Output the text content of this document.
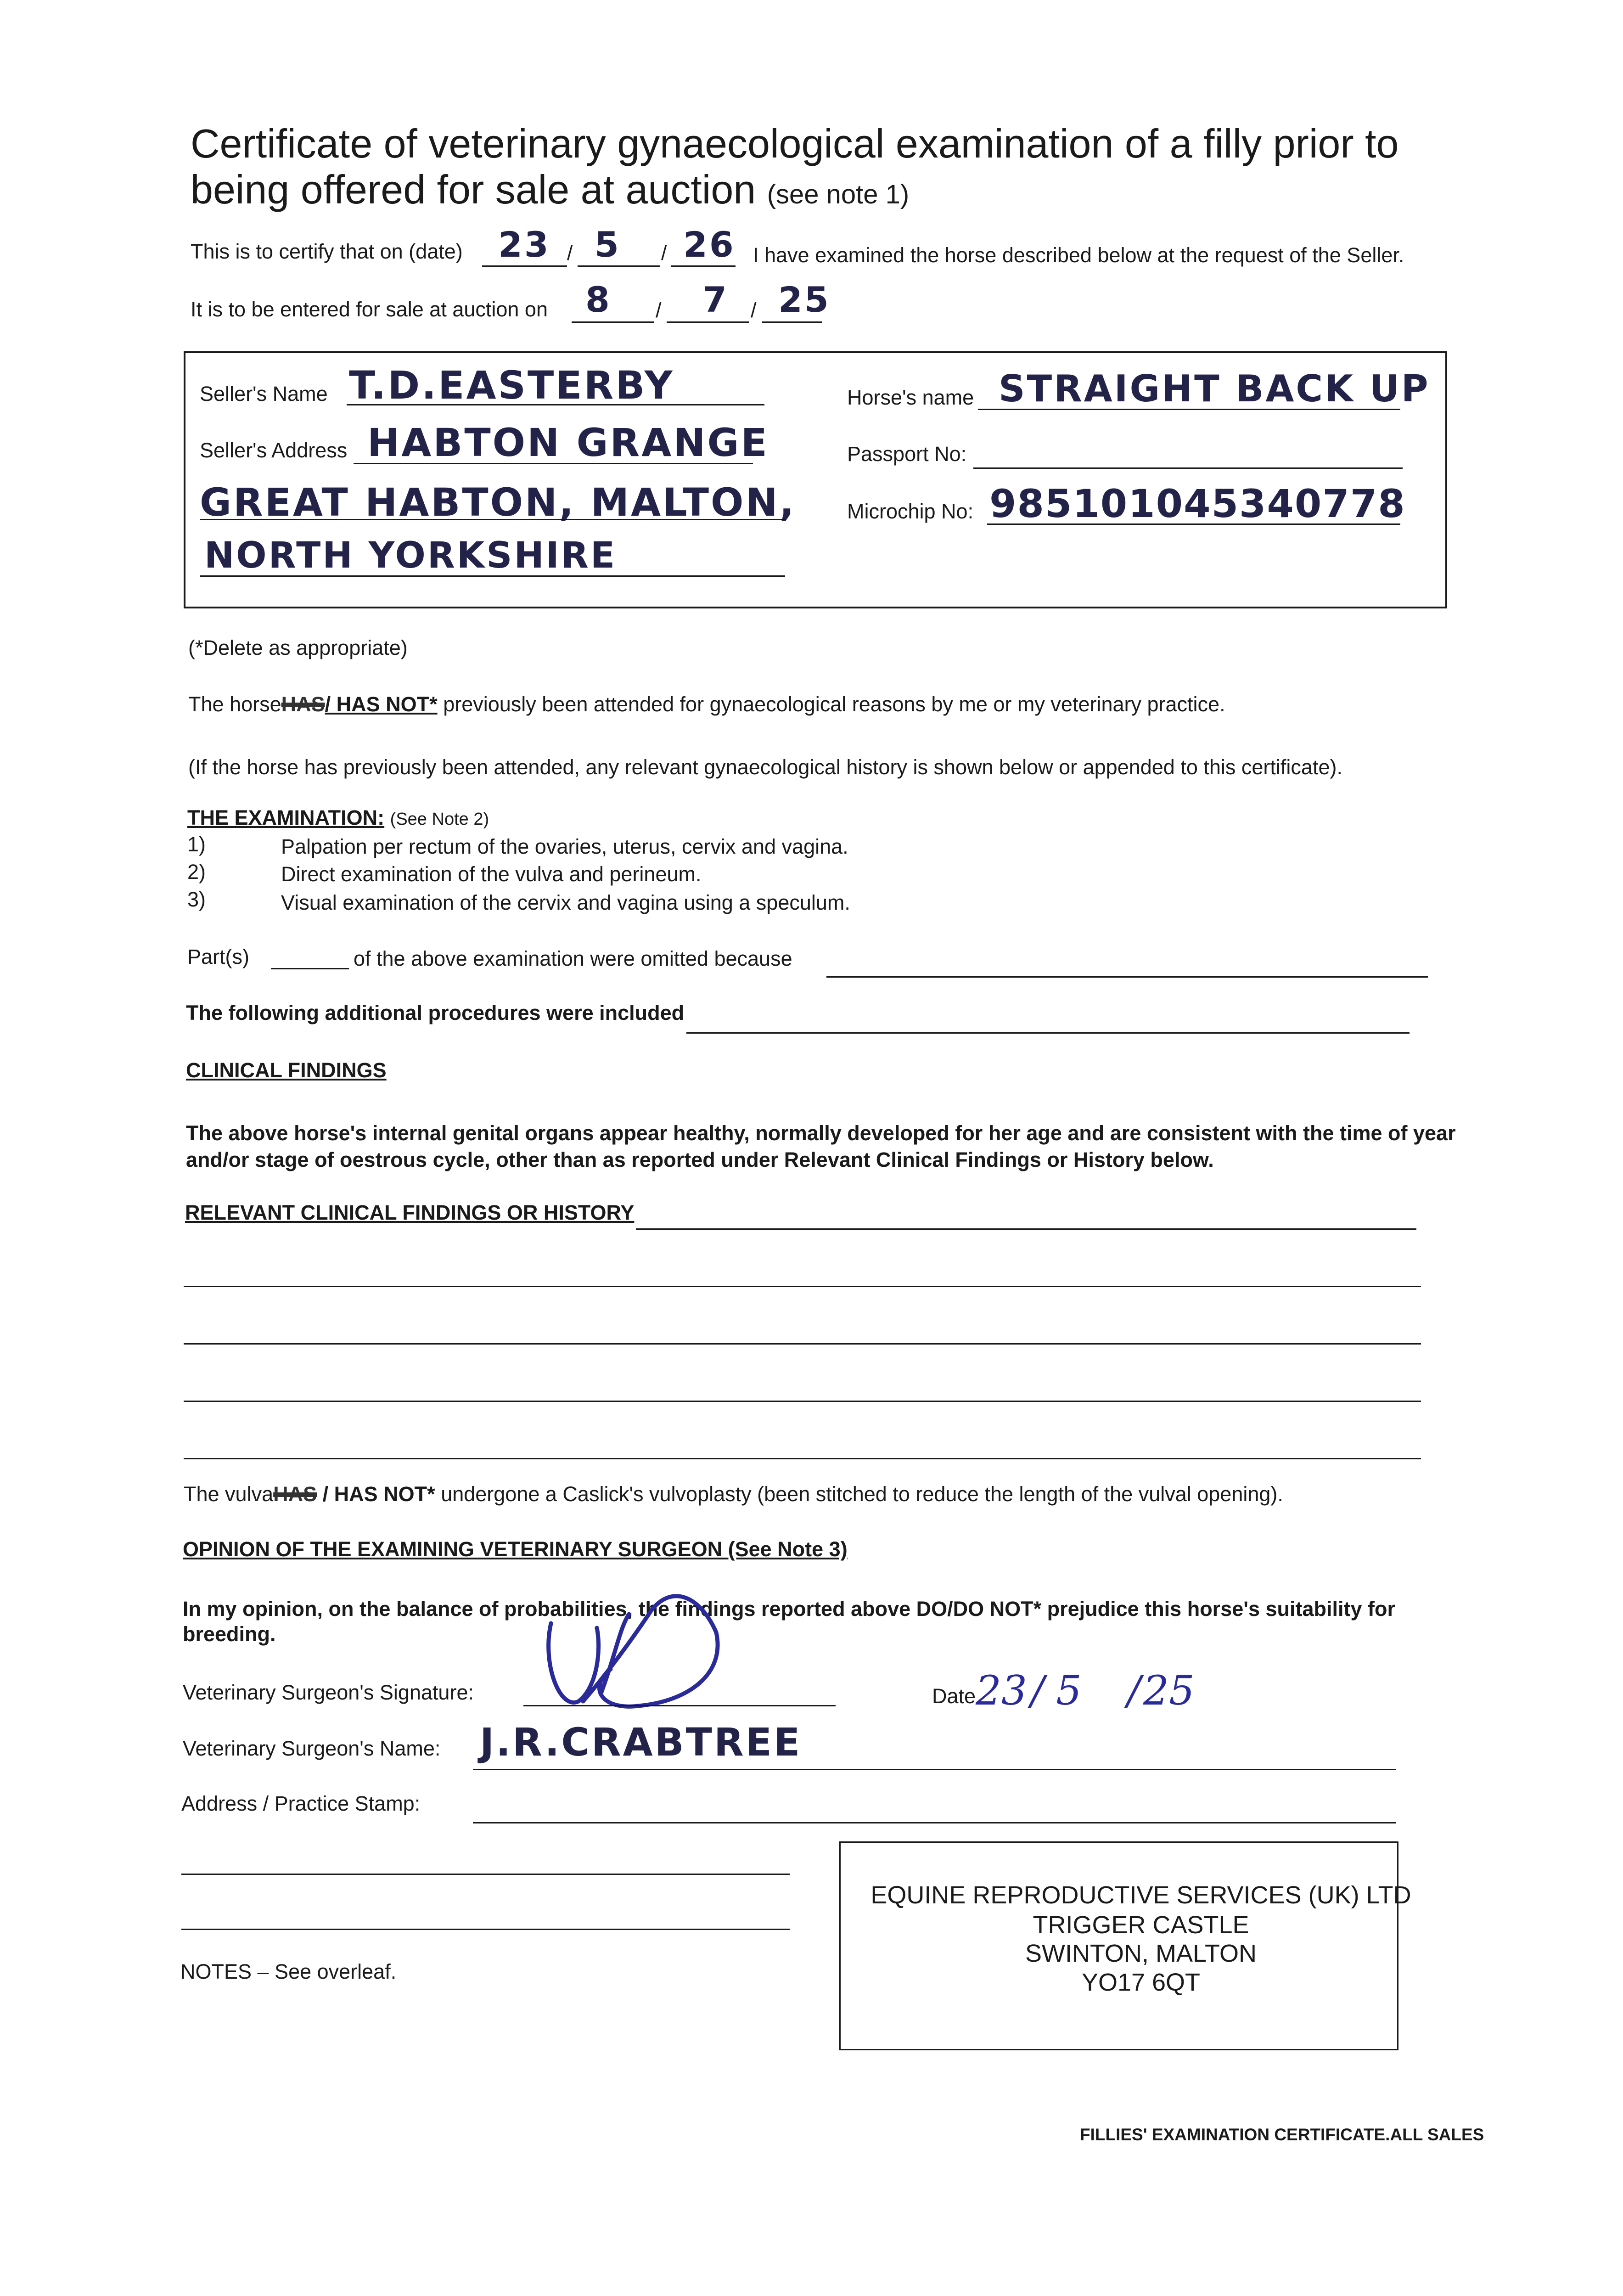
Certificate of veterinary gynaecological examination of a filly prior to
being offered for sale at auction (see note 1)
This is to certify that on (date) 23 / 5 / 26 I have examined the horse described below at the request of the Seller.
It is to be entered for sale at auction on 8 / 7 / 25
Seller's Name T.D.EASTERBY
Seller's Address HABTON GRANGE
GREAT HABTON, MALTON,
NORTH YORKSHIRE
Horse's name STRAIGHT BACK UP
Passport No:
Microchip No: 985101045340778
(*Delete as appropriate)
The horseHAS/ HAS NOT* previously been attended for gynaecological reasons by me or my veterinary practice.
(If the horse has previously been attended, any relevant gynaecological history is shown below or appended to this certificate).
THE EXAMINATION: (See Note 2)
1)	Palpation per rectum of the ovaries, uterus, cervix and vagina.
2)	Direct examination of the vulva and perineum.
3)	Visual examination of the cervix and vagina using a speculum.
Part(s)	of the above examination were omitted because
The following additional procedures were included
CLINICAL FINDINGS
The above horse's internal genital organs appear healthy, normally developed for her age and are consistent with the time of year
and/or stage of oestrous cycle, other than as reported under Relevant Clinical Findings or History below.
RELEVANT CLINICAL FINDINGS OR HISTORY
The vulvaHAS / HAS NOT* undergone a Caslick's vulvoplasty (been stitched to reduce the length of the vulval opening).
OPINION OF THE EXAMINING VETERINARY SURGEON (See Note 3)
In my opinion, on the balance of probabilities, the findings reported above DO/DO NOT* prejudice this horse's suitability for
breeding.
Veterinary Surgeon's Signature:	Date 23 / 5 / 25
Veterinary Surgeon's Name: J.R.CRABTREE
Address / Practice Stamp:
EQUINE REPRODUCTIVE SERVICES (UK) LTD
TRIGGER CASTLE
SWINTON, MALTON
YO17 6QT
NOTES – See overleaf.
FILLIES' EXAMINATION CERTIFICATE.ALL SALES
